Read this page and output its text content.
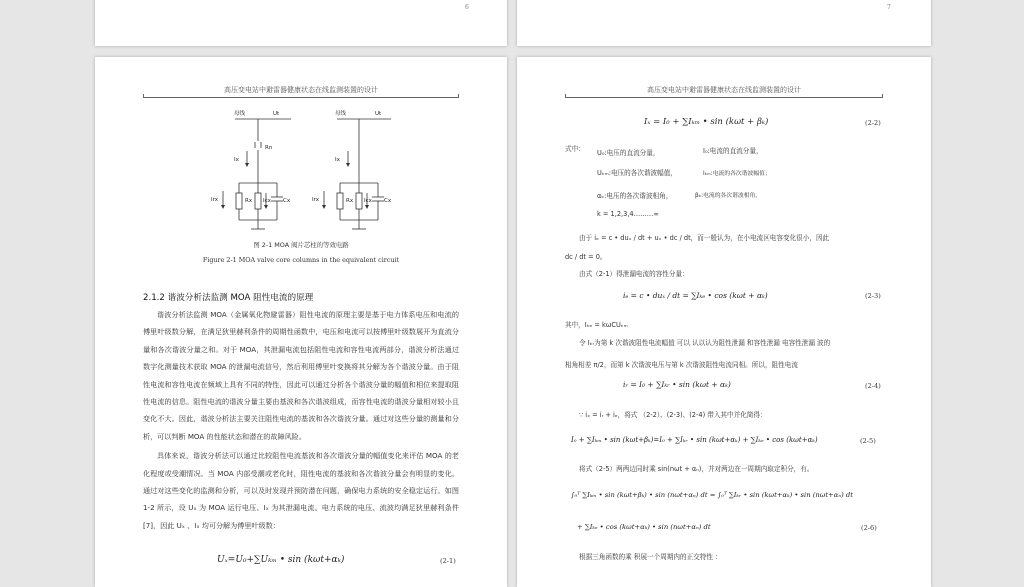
6	7
高压变电站中避雷器健康状态在线监测装置的设计
母线	Ut
Ix
Rn
Irx	Rx Icx Cx
母线	Ut
Ix
Irx	Rx Icx Cx
图 2-1 MOA 阀片芯柱的等效电路
Figure 2-1 MOA valve core columns in the equivalent circuit
2.1.2 谐波分析法监测 MOA 阻性电流的原理

谐波分析法监测 MOA（金属氧化物避雷器）阻性电流的原理主要是基于电力体系电压和电流的傅里叶级数分解，在满足狄里赫利条件的周期性函数中，电压和电流可以按傅里叶级数展开为直流分量和各次谐波分量之和。对于 MOA，其泄漏电流包括阻性电流和容性电流两部分，谐波分析法通过数字化测量技术获取 MOA 的泄漏电流信号，然后利用傅里叶变换将其分解为各个谐波分量。由于阻性电流和容性电流在频域上具有不同的特性，因此可以通过分析各个谐波分量的幅值和相位来提取阻性电流的信息。阻性电流的谐波分量主要由基波和各次谐波组成，而容性电流的谐波分量相对较小且变化不大。因此，谐波分析法主要关注阻性电流的基波和各次谐波分量。通过对这些分量的测量和分析，可以判断 MOA 的性能状态和潜在的故障风险。

具体来说，谐波分析法可以通过比较阻性电流基波和各次谐波分量的幅值变化来评估 MOA 的老化程度或受潮情况。当 MOA 内部受潮或老化时，阻性电流的基波和各次谐波分量会有明显的变化。通过对这些变化的监测和分析，可以及时发现并预防潜在问题，确保电力系统的安全稳定运行。如图 1-2 所示，设 Uₓ 为 MOA 运行电压、Iₓ 为其泄漏电流。电力系统的电压、流波均满足狄里赫利条件[7]，因此 Uₓ 、Iₓ 均可分解为傅里叶级数：

Uₓ=U₀+∑Uₖₘ • sin (kωt+αₖ)	(2-1)
高压变电站中避雷器健康状态在线监测装置的设计
Iₓ = I₀ + ∑Iₖₘ • sin (kωt + βₖ)	(2-2)
式中： U₀:电压的直流分量，	I₀:电流的直流分量，
Uₖₘ:电压的各次谐波幅值，	Iₖₘ:电流的各次谐波幅值；
αₖ:电压的各次谐波相角，	βₖ:电流的各次谐波相角，
k = 1,2,3,4………∞
由于 iₑ = c • duₓ / dt + uₓ • dc / dt，而一般认为，在小电流区电容变化很小，因此
dc / dt = 0。
由式（2-1）得泄漏电流的容性分量：
iₑ = c • duₓ / dt = ∑Iₖₑ • cos (kωt + αₖ)	(2-3)
其中，Iₖₑ = kωCUₖₘ
令 Iₖᵣ为第 k 次谐波阻性电流幅值 可以 认以认为阻性泄漏 和容性泄漏 电容性泄漏 波的
相角相差 π/2，而第 k 次谐波电压与第 k 次谐波阻性电流同相。所以，阻性电流
iᵣ = I₀ + ∑Iₖᵣ • sin (kωt + αₖ)	(2-4)
∵ iₓ = iᵣ + iₑ，将式 （2-2）、(2-3)、(2-4) 带入其中并化简得：
I₀ + ∑Iₖₘ • sin (kωt+βₖ)=I₀ + ∑Iₖᵣ • sin (kωt+αₖ) + ∑Iₖₑ • cos (kωt+αₖ)	(2-5)
将式（2-5）两两边同时乘 sin(nωt + αₙ)，并对两边在一周期内取定积分，有。
∫₀ᵀ ∑Iₖₘ • sin (kωt+βₖ) • sin (nωt+αₙ) dt = ∫₀ᵀ ∑Iₖᵣ • sin (kωt+αₖ) • sin (nωt+αₙ) dt
+ ∑Iₖₑ • cos (kωt+αₖ) • sin (nωt+αₙ) dt	(2-6)
根据三角函数的乘 积展一个周期内的正交特性 ：
